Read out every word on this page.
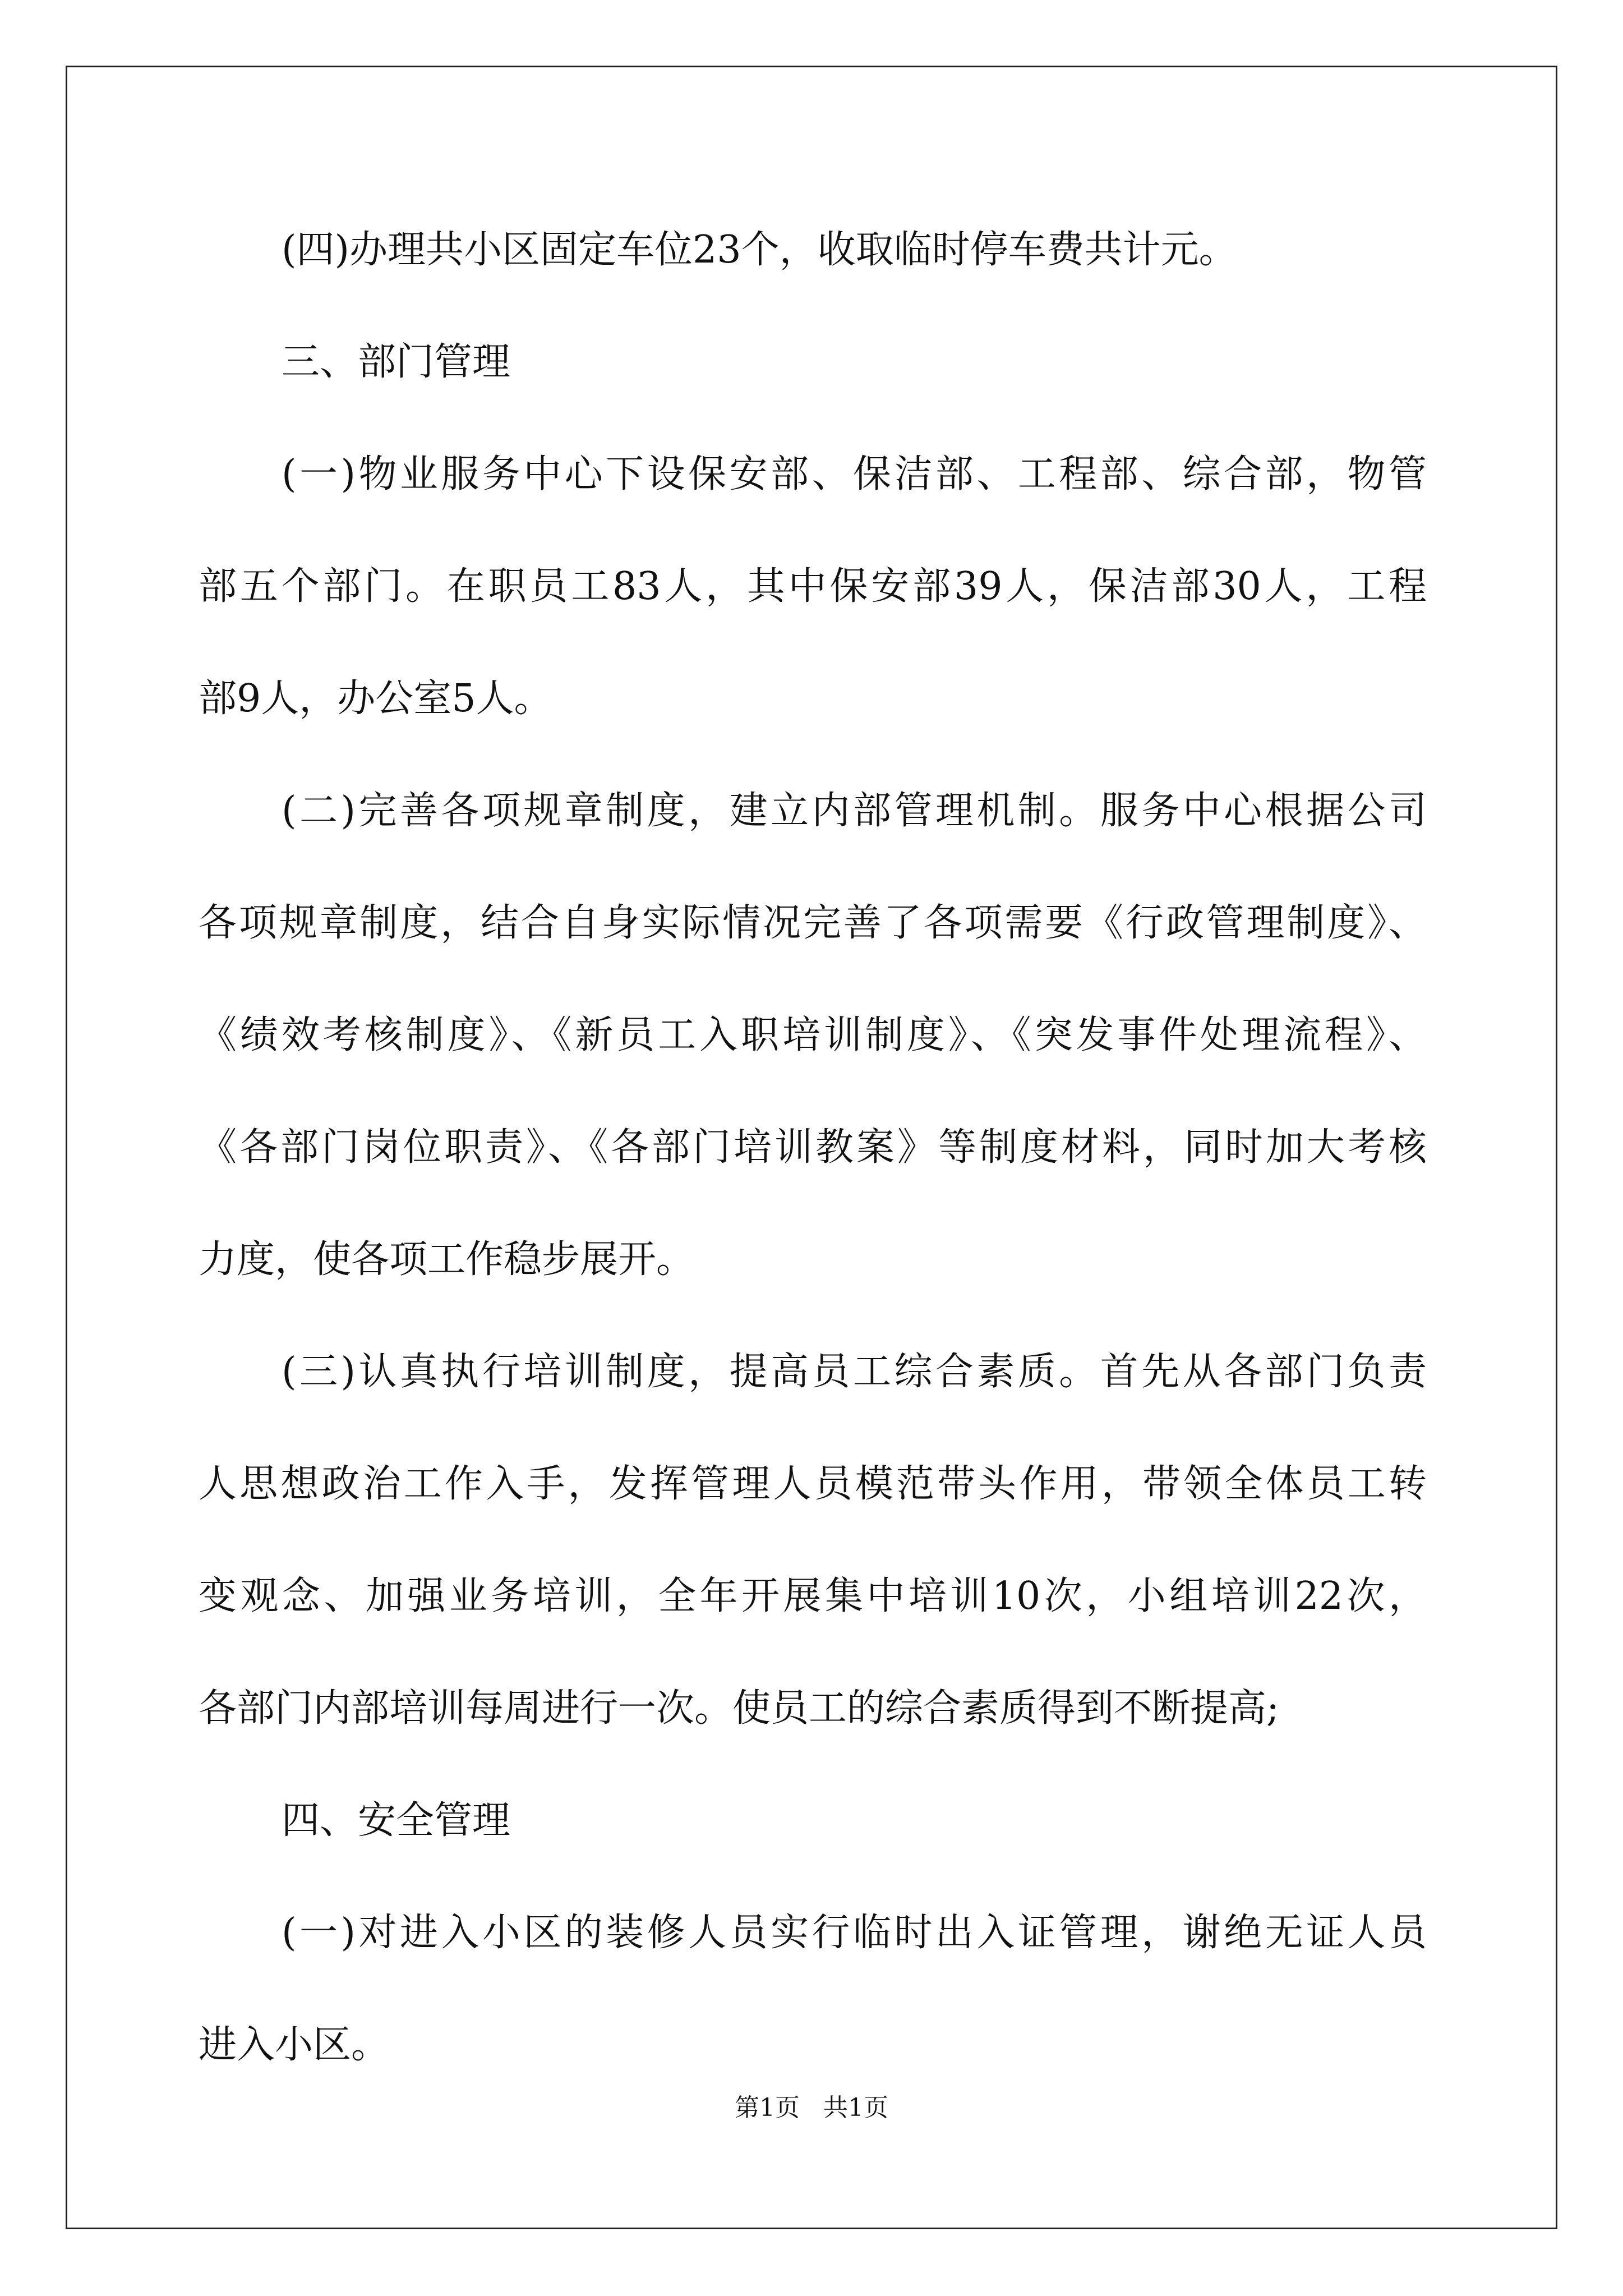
(四)办理共小区固定车位23个，收取临时停车费共计元。
三、部门管理
(一)物业服务中心下设保安部、保洁部、工程部、综合部，物管
部五个部门。在职员工83人，其中保安部39人，保洁部30人，工程
部9人，办公室5人。
(二)完善各项规章制度，建立内部管理机制。服务中心根据公司
各项规章制度，结合自身实际情况完善了各项需要《行政管理制度》、
《绩效考核制度》、《新员工入职培训制度》、《突发事件处理流程》、
《各部门岗位职责》、《各部门培训教案》等制度材料，同时加大考核
力度，使各项工作稳步展开。
(三)认真执行培训制度，提高员工综合素质。首先从各部门负责
人思想政治工作入手，发挥管理人员模范带头作用，带领全体员工转
变观念、加强业务培训，全年开展集中培训10次，小组培训22次，
各部门内部培训每周进行一次。使员工的综合素质得到不断提高;
四、安全管理
(一)对进入小区的装修人员实行临时出入证管理，谢绝无证人员
进入小区。
第1页   共1页
